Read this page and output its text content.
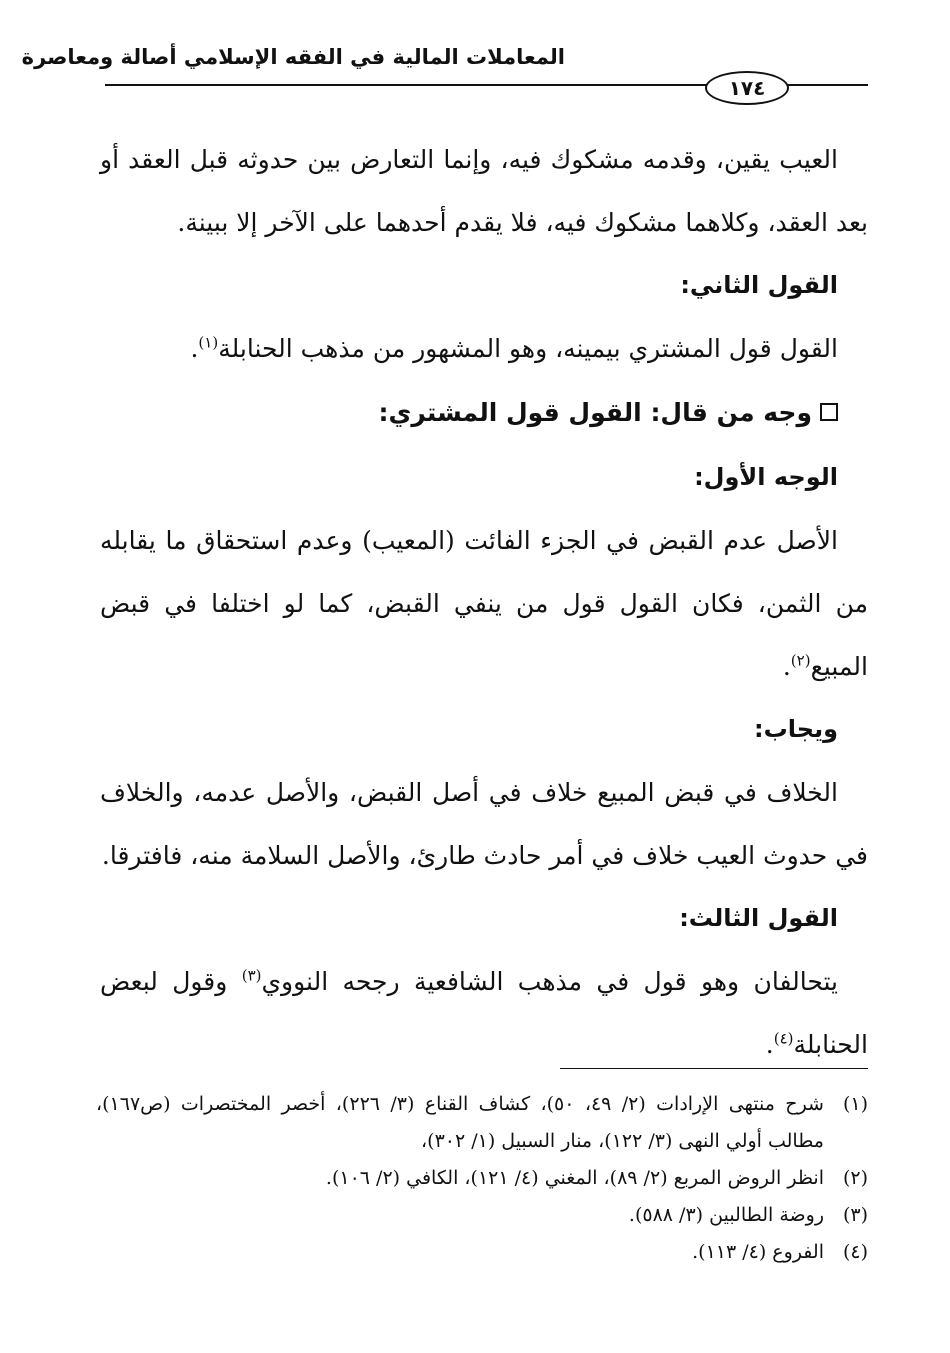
المعاملات المالية في الفقه الإسلامي أصالة ومعاصرة
١٧٤

العيب يقين، وقدمه مشكوك فيه، وإنما التعارض بين حدوثه قبل العقد أو بعد العقد، وكلاهما مشكوك فيه، فلا يقدم أحدهما على الآخر إلا ببينة.

القول الثاني:

القول قول المشتري بيمينه، وهو المشهور من مذهب الحنابلة$^{(١)}$.

وجه من قال: القول قول المشتري:

الوجه الأول:

الأصل عدم القبض في الجزء الفائت (المعيب) وعدم استحقاق ما يقابله من الثمن، فكان القول قول من ينفي القبض، كما لو اختلفا في قبض المبيع$^{(٢)}$.

ويجاب:

الخلاف في قبض المبيع خلاف في أصل القبض، والأصل عدمه، والخلاف في حدوث العيب خلاف في أمر حادث طارئ، والأصل السلامة منه، فافترقا.

القول الثالث:

يتحالفان وهو قول في مذهب الشافعية رجحه النووي$^{(٣)}$ وقول لبعض الحنابلة$^{(٤)}$.

(١)
شرح منتهى الإرادات (٢/ ٤٩، ٥٠)، كشاف القناع (٣/ ٢٢٦)، أخصر المختصرات (ص١٦٧)، مطالب أولي النهى (٣/ ١٢٢)، منار السبيل (١/ ٣٠٢)،
(٢)
انظر الروض المربع (٢/ ٨٩)، المغني (٤/ ١٢١)، الكافي (٢/ ١٠٦).
(٣)
روضة الطالبين (٣/ ٥٨٨).
(٤)
الفروع (٤/ ١١٣).
